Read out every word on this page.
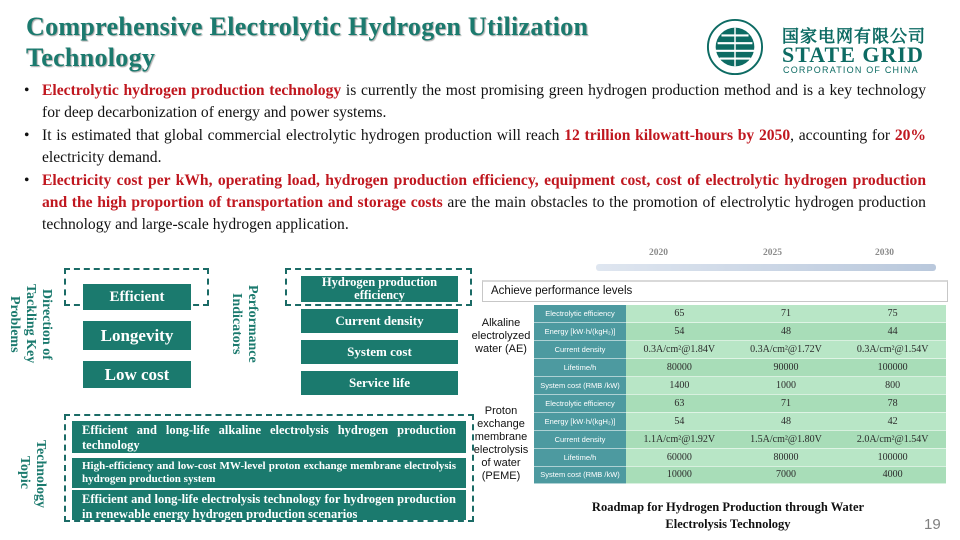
Comprehensive Electrolytic Hydrogen Utilization Technology
国家电网有限公司
STATE GRID
CORPORATION OF CHINA
• Electrolytic hydrogen production technology is currently the most promising green hydrogen production method and is a key technology for deep decarbonization of energy and power systems.
• It is estimated that global commercial electrolytic hydrogen production will reach 12 trillion kilowatt-hours by 2050, accounting for 20% electricity demand.
• Electricity cost per kWh, operating load, hydrogen production efficiency, equipment cost, cost of electrolytic hydrogen production and the high proportion of transportation and storage costs are the main obstacles to the promotion of electrolytic hydrogen production technology and large-scale hydrogen application.
Direction of Tackling Key Problems	Efficient
Longevity
Low cost
Performance Indicators
Hydrogen production efficiency
Current density
System cost
Service life
Technology Topic
Efficient and long-life alkaline electrolysis hydrogen production technology
High-efficiency and low-cost MW-level proton exchange membrane electrolysis hydrogen production system
Efficient and long-life electrolysis technology for hydrogen production in renewable energy hydrogen production scenarios
2020	2025	2030
Achieve performance levels
Alkaline electrolyzed water (AE)
Proton exchange membrane electrolysis of water (PEME)
Electrolytic efficiency	65	71	75
Energy [kW·h/(kgH₂)]	54	48	44
Current density	0.3A/cm²@1.84V	0.3A/cm²@1.72V	0.3A/cm²@1.54V
Lifetime/h	80000	90000	100000
System cost (RMB /kW)	1400	1000	800
Electrolytic efficiency	63	71	78
Energy [kW·h/(kgH₂)]	54	48	42
Current density	1.1A/cm²@1.92V	1.5A/cm²@1.80V	2.0A/cm²@1.54V
Lifetime/h	60000	80000	100000
System cost (RMB /kW)	10000	7000	4000
Roadmap for Hydrogen Production through Water Electrolysis Technology	19
